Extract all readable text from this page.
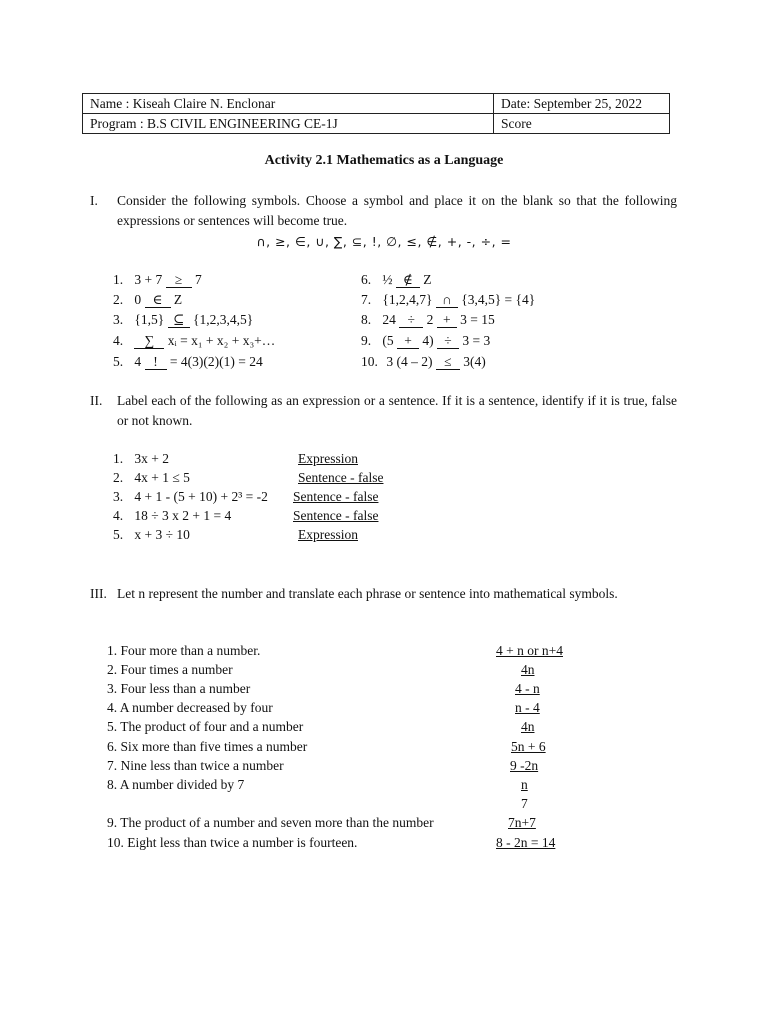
Name : Kiseah Claire N. Enclonar	Date: September 25, 2022
Program : B.S CIVIL ENGINEERING CE-1J	Score
Activity 2.1 Mathematics as a Language
I. Consider the following symbols. Choose a symbol and place it on the blank so that the following expressions or sentences will become true.
∩, ≥, ∈, ∪, ∑, ⊆, !, ∅, ≤, ∉, +, -, ÷, =
1. 3 + 7 ≥ 7
2. 0 ∈ Z
3. {1,5} ⊆ {1,2,3,4,5}
4. ∑ xᵢ = x₁ + x₂ + x₃+…
5. 4 ! = 4(3)(2)(1) = 24
6. ½ ∉ Z
7. {1,2,4,7} ∩ {3,4,5} = {4}
8. 24 ÷ 2 + 3 = 15
9. (5 + 4) ÷ 3 = 3
10. 3 (4 – 2) ≤ 3(4)
II. Label each of the following as an expression or a sentence. If it is a sentence, identify if it is true, false or not known.
1. 3x + 2	Expression
2. 4x + 1 ≤ 5	Sentence - false
3. 4 + 1 - (5 + 10) + 2³ = -2 Sentence - false
4. 18 ÷ 3 x 2 + 1 = 4	Sentence - false
5. x + 3 ÷ 10	Expression
III. Let n represent the number and translate each phrase or sentence into mathematical symbols.
1. Four more than a number.	4 + n or n+4
2. Four times a number	4n
3. Four less than a number	4 - n
4. A number decreased by four	n - 4
5. The product of four and a number	4n
6. Six more than five times a number	5n + 6
7. Nine less than twice a number	9 -2n
8. A number divided by 7	n
7
9. The product of a number and seven more than the number	7n+7
10. Eight less than twice a number is fourteen.	8 - 2n = 14
